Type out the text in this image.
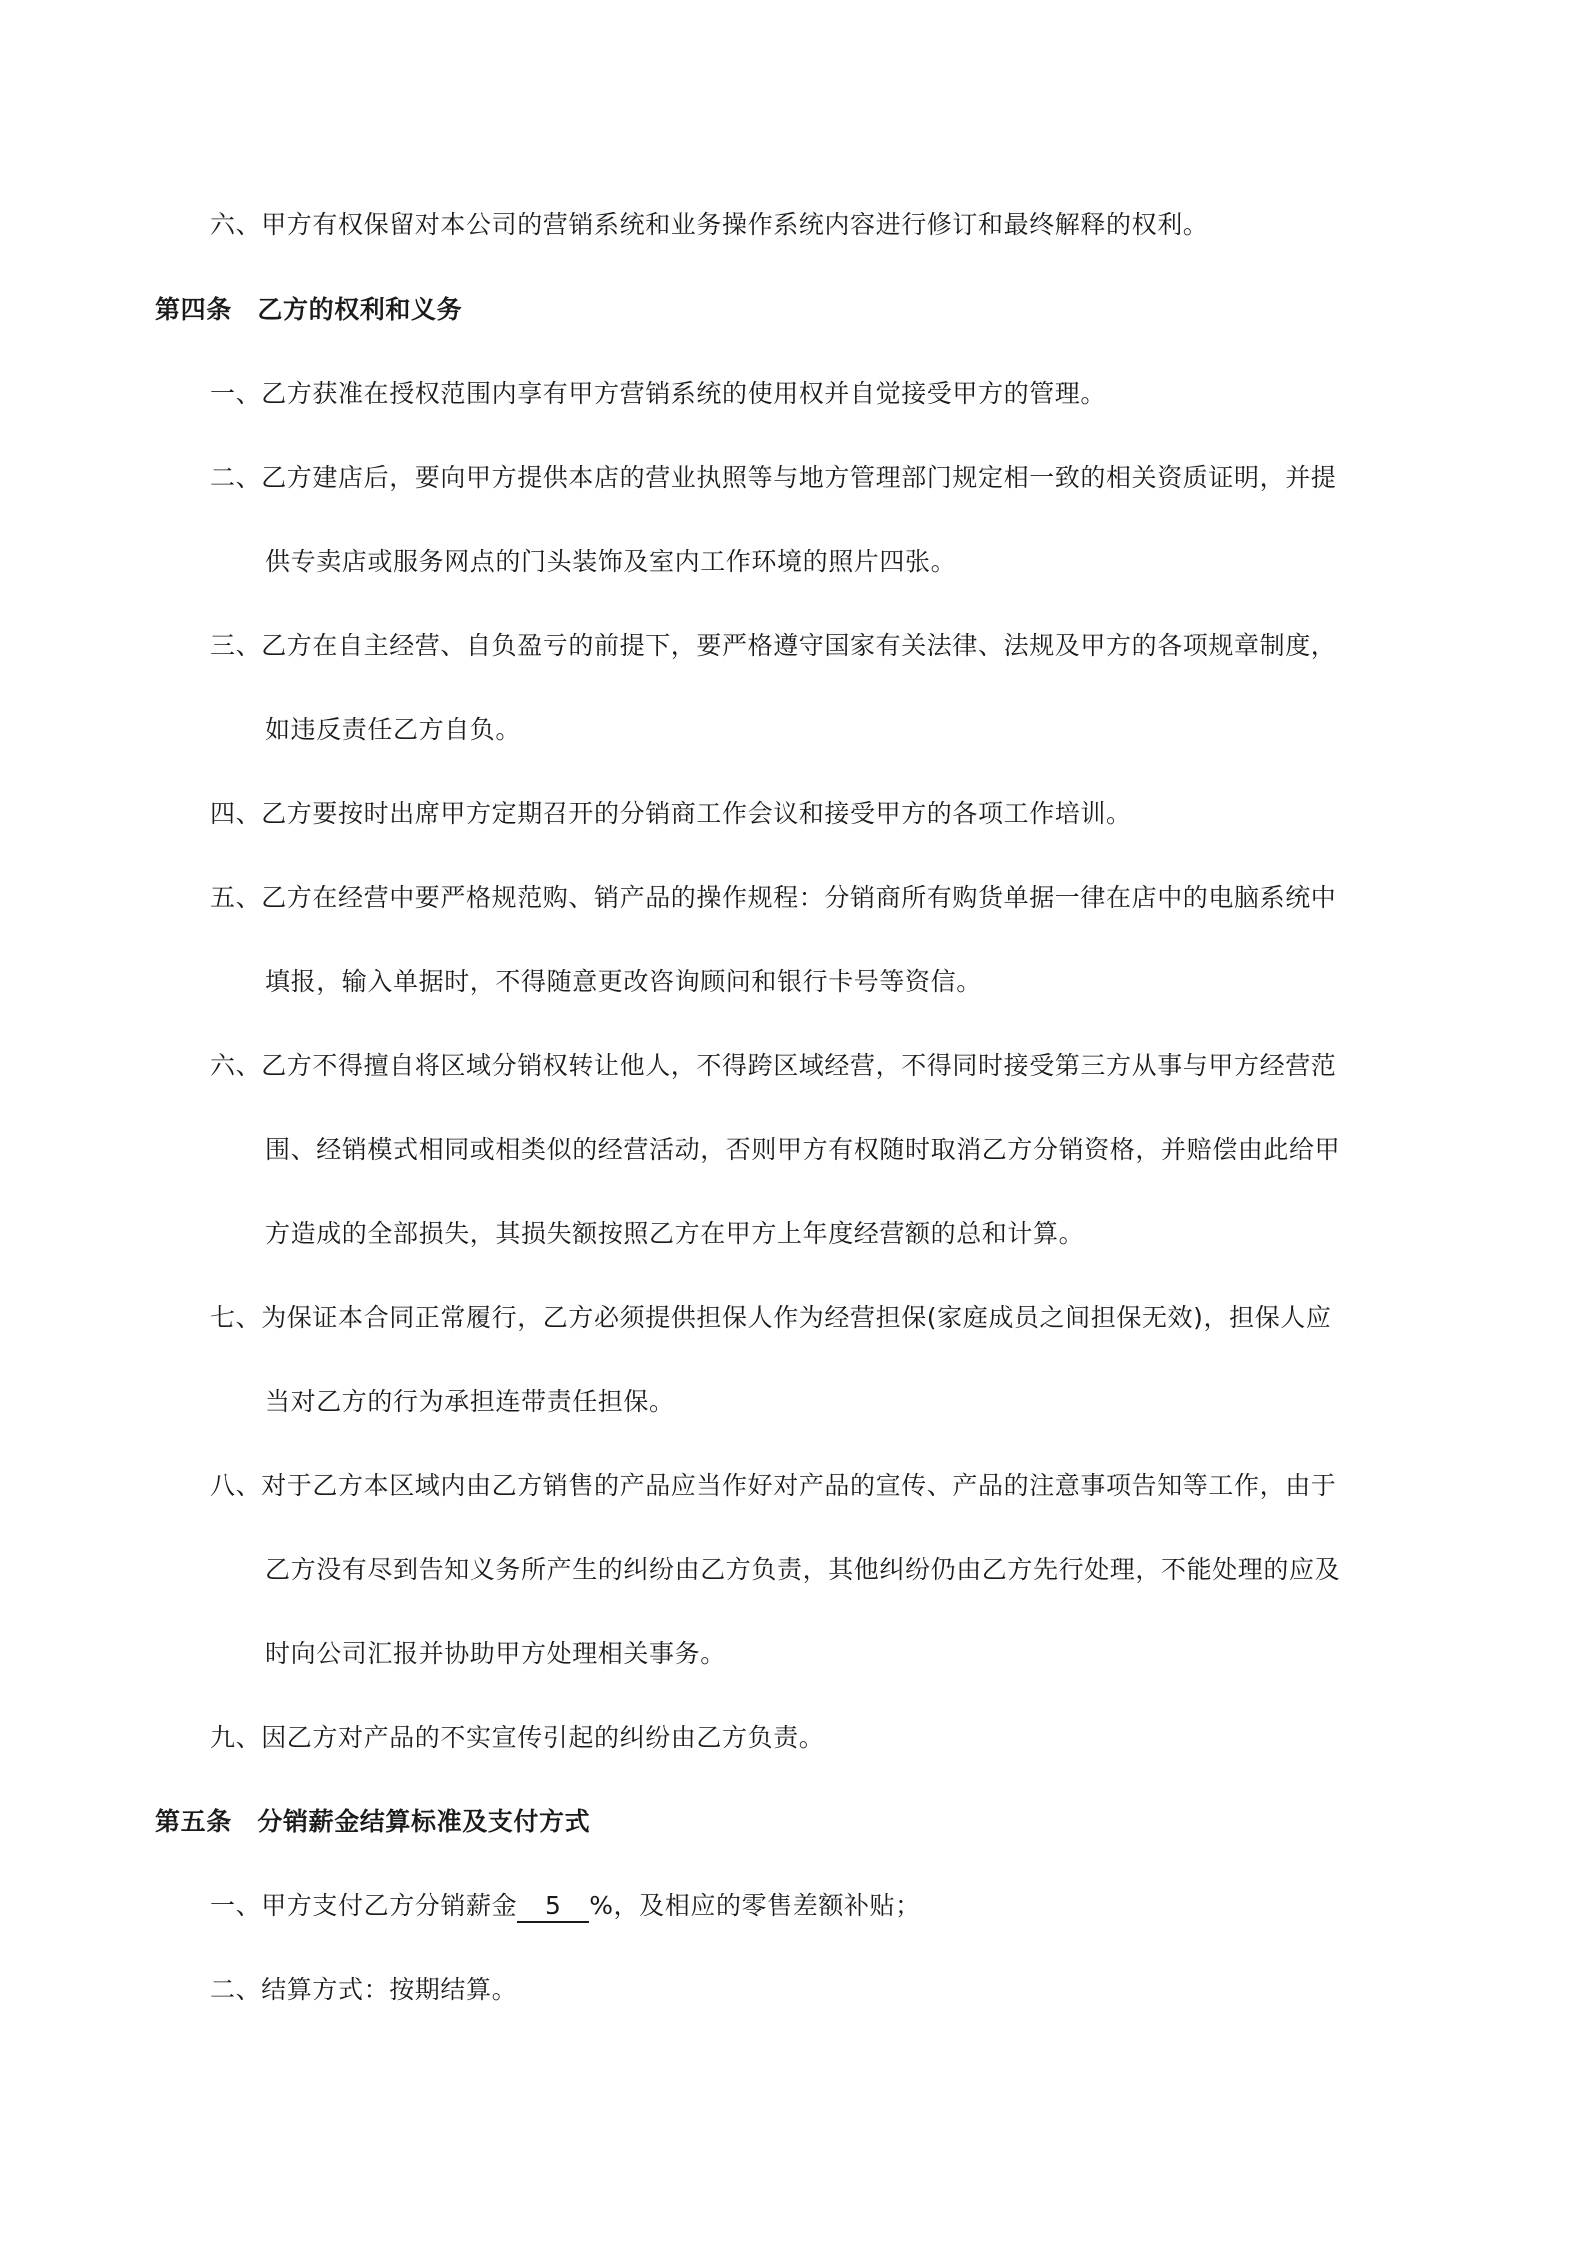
六、甲方有权保留对本公司的营销系统和业务操作系统内容进行修订和最终解释的权利。
第四条　乙方的权利和义务
一、乙方获准在授权范围内享有甲方营销系统的使用权并自觉接受甲方的管理。
二、乙方建店后，要向甲方提供本店的营业执照等与地方管理部门规定相一致的相关资质证明，并提
供专卖店或服务网点的门头装饰及室内工作环境的照片四张。
三、乙方在自主经营、自负盈亏的前提下，要严格遵守国家有关法律、法规及甲方的各项规章制度，
如违反责任乙方自负。
四、乙方要按时出席甲方定期召开的分销商工作会议和接受甲方的各项工作培训。
五、乙方在经营中要严格规范购、销产品的操作规程：分销商所有购货单据一律在店中的电脑系统中
填报，输入单据时，不得随意更改咨询顾问和银行卡号等资信。
六、乙方不得擅自将区域分销权转让他人，不得跨区域经营，不得同时接受第三方从事与甲方经营范
围、经销模式相同或相类似的经营活动，否则甲方有权随时取消乙方分销资格，并赔偿由此给甲
方造成的全部损失，其损失额按照乙方在甲方上年度经营额的总和计算。
七、为保证本合同正常履行，乙方必须提供担保人作为经营担保(家庭成员之间担保无效)，担保人应
当对乙方的行为承担连带责任担保。
八、对于乙方本区域内由乙方销售的产品应当作好对产品的宣传、产品的注意事项告知等工作，由于
乙方没有尽到告知义务所产生的纠纷由乙方负责，其他纠纷仍由乙方先行处理，不能处理的应及
时向公司汇报并协助甲方处理相关事务。
九、因乙方对产品的不实宣传引起的纠纷由乙方负责。
第五条　分销薪金结算标准及支付方式
一、甲方支付乙方分销薪金 5 %，及相应的零售差额补贴；
二、结算方式：按期结算。
